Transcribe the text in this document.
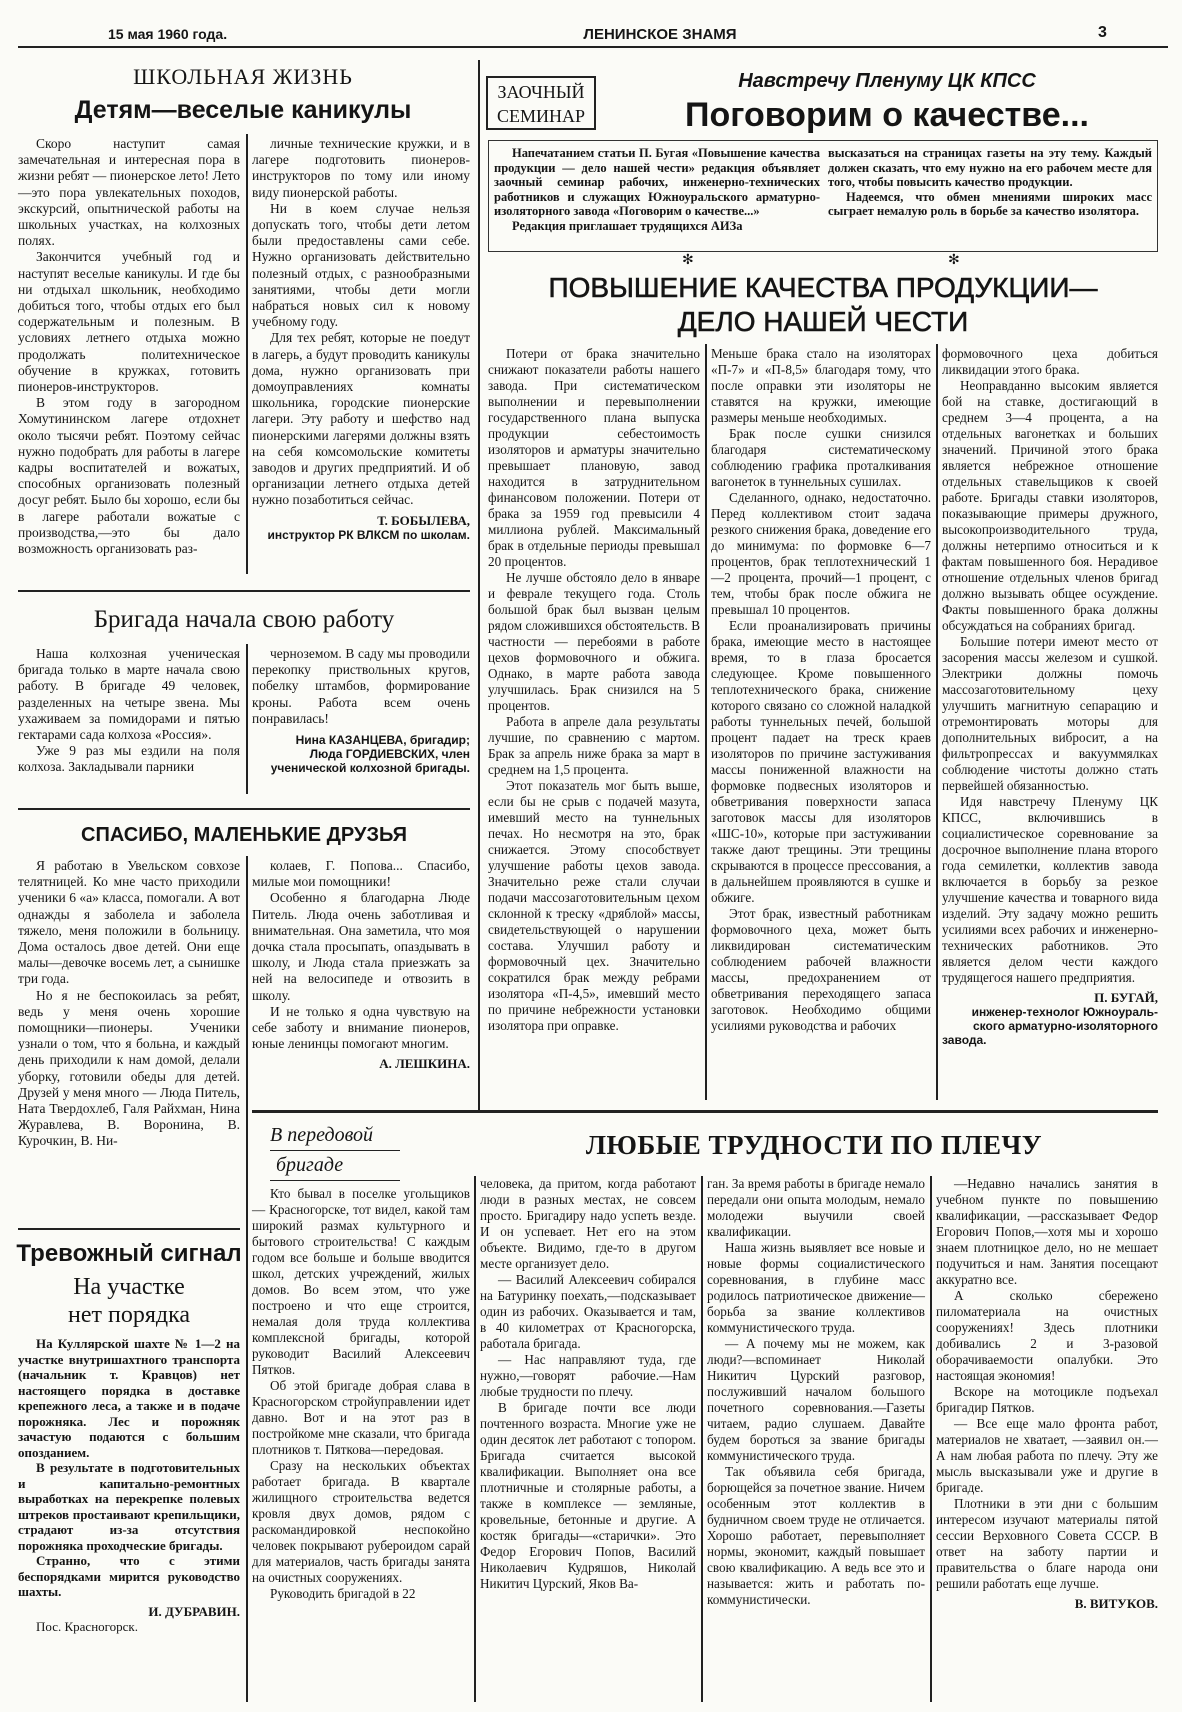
15 мая 1960 года.	ЛЕНИНСКОЕ ЗНАМЯ	3
ШКОЛЬНАЯ ЖИЗНЬ
Детям—веселые каникулы

Скоро наступит самая замечательная и интересная пора в жизни ребят — пионерское лето! Лето—это пора увлекательных походов, экскурсий, опытнической работы на школьных участках, на колхозных полях.

Закончится учебный год и наступят веселые каникулы. И где бы ни отдыхал школьник, необходимо добиться того, чтобы отдых его был содержательным и полезным. В условиях летнего отдыха можно продолжать политехническое обучение в кружках, готовить пионеров-инструкторов.

В этом году в загородном Хомутининском лагере отдохнет около тысячи ребят. Поэтому сейчас нужно подобрать для работы в лагере кадры воспитателей и вожатых, способных организовать полезный досуг ребят. Было бы хорошо, если бы в лагере работали вожатые с производства,—это бы дало возможность организовать раз-

личные технические кружки, и в лагере подготовить пионеров-инструкторов по тому или иному виду пионерской работы.

Ни в коем случае нельзя допускать того, чтобы дети летом были предоставлены сами себе. Нужно организовать действительно полезный отдых, с разнообразными занятиями, чтобы дети могли набраться новых сил к новому учебному году.

Для тех ребят, которые не поедут в лагерь, а будут проводить каникулы дома, нужно организовать при домоуправлениях комнаты школьника, городские пионерские лагери. Эту работу и шефство над пионерскими лагерями должны взять на себя комсомольские комитеты заводов и других предприятий. И об организации летнего отдыха детей нужно позаботиться сейчас.

Т. БОБЫЛЕВА,
инструктор РК ВЛКСМ по школам.
Бригада начала свою работу

Наша колхозная ученическая бригада только в марте начала свою работу. В бригаде 49 человек, разделенных на четыре звена. Мы ухаживаем за помидорами и пятью гектарами сада колхоза «Россия».

Уже 9 раз мы ездили на поля колхоза. Закладывали парники

черноземом. В саду мы проводили перекопку приствольных кругов, побелку штамбов, формирование кроны. Работа всем очень понравилась!

Нина КАЗАНЦЕВА, бригадир;
Люда ГОРДИЕВСКИХ, член
ученической колхозной бригады.
СПАСИБО, МАЛЕНЬКИЕ ДРУЗЬЯ

Я работаю в Увельском совхозе телятницей. Ко мне часто приходили ученики 6 «а» класса, помогали. А вот однажды я заболела и заболела тяжело, меня положили в больницу. Дома осталось двое детей. Они еще малы—девочке восемь лет, а сынишке три года.

Но я не беспокоилась за ребят, ведь у меня очень хорошие помощники—пионеры. Ученики узнали о том, что я больна, и каждый день приходили к нам домой, делали уборку, готовили обеды для детей. Друзей у меня много — Люда Питель, Ната Твердохлеб, Галя Райхман, Нина Журавлева, В. Воронина, В. Курочкин, В. Ни-

колаев, Г. Попова... Спасибо, милые мои помощники!

Особенно я благодарна Люде Питель. Люда очень заботливая и внимательная. Она заметила, что моя дочка стала просыпать, опаздывать в школу, и Люда стала приезжать за ней на велосипеде и отвозить в школу.

И не только я одна чувствую на себе заботу и внимание пионеров, юные ленинцы помогают многим.

А. ЛЕШКИНА.
Тревожный сигнал
На участке
нет порядка

На Куллярской шахте № 1—2 на участке внутришахтного транспорта (начальник т. Кравцов) нет настоящего порядка в доставке крепежного леса, а также и в подаче порожняка. Лес и порожняк зачастую подаются с большим опозданием.

В результате в подготовительных и капитально-ремонтных выработках на перекрепке полевых штреков простаивают крепильщики, страдают из-за отсутствия порожняка проходческие бригады.

Странно, что с этими беспорядками мирится руководство шахты.

И. ДУБРАВИН.
Пос. Красногорск.
ЗАОЧНЫЙ
СЕМИНАР
Навстречу Пленуму ЦК КПСС
Поговорим о качестве...

Напечатанием статьи П. Бугая «Повышение качества продукции — дело нашей чести» редакция объявляет заочный семинар рабочих, инженерно-технических работников и служащих Южноуральского арматурно-изоляторного завода «Поговорим о качестве...»

Редакция приглашает трудящихся АИЗа

высказаться на страницах газеты на эту тему. Каждый должен сказать, что ему нужно на его рабочем месте для того, чтобы повысить качество продукции.

Надеемся, что обмен мнениями широких масс сыграет немалую роль в борьбе за качество изолятора.

✻	✻
ПОВЫШЕНИЕ КАЧЕСТВА ПРОДУКЦИИ—
ДЕЛО НАШЕЙ ЧЕСТИ

Потери от брака значительно снижают показатели работы нашего завода. При систематическом выполнении и перевыполнении государственного плана выпуска продукции себестоимость изоляторов и арматуры значительно превышает плановую, завод находится в затруднительном финансовом положении. Потери от брака за 1959 год превысили 4 миллиона рублей. Максимальный брак в отдельные периоды превышал 20 процентов.

Не лучше обстояло дело в январе и феврале текущего года. Столь большой брак был вызван целым рядом сложившихся обстоятельств. В частности — перебоями в работе цехов формовочного и обжига. Однако, в марте работа завода улучшилась. Брак снизился на 5 процентов.

Работа в апреле дала результаты лучшие, по сравнению с мартом. Брак за апрель ниже брака за март в среднем на 1,5 процента.

Этот показатель мог быть выше, если бы не срыв с подачей мазута, имевший место на туннельных печах. Но несмотря на это, брак снижается. Этому способствует улучшение работы цехов завода. Значительно реже стали случаи подачи массозаготовительным цехом склонной к треску «дряблой» массы, свидетельствующей о нарушении состава. Улучшил работу и формовочный цех. Значительно сократился брак между ребрами изолятора «П-4,5», имевший место по причине небрежности установки изолятора при оправке.

Меньше брака стало на изоляторах «П-7» и «П-8,5» благодаря тому, что после оправки эти изоляторы не ставятся на кружки, имеющие размеры меньше необходимых.

Брак после сушки снизился благодаря систематическому соблюдению графика проталкивания вагонеток в туннельных сушилах.

Сделанного, однако, недостаточно. Перед коллективом стоит задача резкого снижения брака, доведение его до минимума: по формовке 6—7 процентов, брак теплотехнический 1—2 процента, прочий—1 процент, с тем, чтобы брак после обжига не превышал 10 процентов.

Если проанализировать причины брака, имеющие место в настоящее время, то в глаза бросается следующее. Кроме повышенного теплотехнического брака, снижение которого связано со сложной наладкой работы туннельных печей, большой процент падает на треск краев изоляторов по причине застуживания массы пониженной влажности на формовке подвесных изоляторов и обветривания поверхности запаса заготовок массы для изоляторов «ШС-10», которые при застуживании также дают трещины. Эти трещины скрываются в процессе прессования, а в дальнейшем проявляются в сушке и обжиге.

Этот брак, известный работникам формовочного цеха, может быть ликвидирован систематическим соблюдением рабочей влажности массы, предохранением от обветривания переходящего запаса заготовок. Необходимо общими усилиями руководства и рабочих

формовочного цеха добиться ликвидации этого брака.

Неоправданно высоким является бой на ставке, достигающий в среднем 3—4 процента, а на отдельных вагонетках и больших значений. Причиной этого брака является небрежное отношение отдельных ставельщиков к своей работе. Бригады ставки изоляторов, показывающие примеры дружного, высокопроизводительного труда, должны нетерпимо относиться и к фактам повышенного боя. Нерадивое отношение отдельных членов бригад должно вызывать общее осуждение. Факты повышенного брака должны обсуждаться на собраниях бригад.

Большие потери имеют место от засорения массы железом и сушкой. Электрики должны помочь массозаготовительному цеху улучшить магнитную сепарацию и отремонтировать моторы для дополнительных вибросит, а на фильтропрессах и вакууммялках соблюдение чистоты должно стать первейшей обязанностью.

Идя навстречу Пленуму ЦК КПСС, включившись в социалистическое соревнование за досрочное выполнение плана второго года семилетки, коллектив завода включается в борьбу за резкое улучшение качества и товарного вида изделий. Эту задачу можно решить усилиями всех рабочих и инженерно-технических работников. Это является делом чести каждого трудящегося нашего предприятия.

П. БУГАЙ,
инженер-технолог Южноураль-
ского арматурно-изоляторного
завода.
В передовой
бригаде
ЛЮБЫЕ ТРУДНОСТИ ПО ПЛЕЧУ

Кто бывал в поселке угольщиков — Красногорске, тот видел, какой там широкий размах культурного и бытового строительства! С каждым годом все больше и больше вводится школ, детских учреждений, жилых домов. Во всем этом, что уже построено и что еще строится, немалая доля труда коллектива комплексной бригады, которой руководит Василий Алексеевич Пятков.

Об этой бригаде добрая слава в Красногорском стройуправлении идет давно. Вот и на этот раз в постройкоме мне сказали, что бригада плотников т. Пяткова—передовая.

Сразу на нескольких объектах работает бригада. В квартале жилищного строительства ведется кровля двух домов, рядом с раскомандировкой неспокойно человек покрывают рубероидом сарай для материалов, часть бригады занята на очистных сооружениях.

Руководить бригадой в 22

человека, да притом, когда работают люди в разных местах, не совсем просто. Бригадиру надо успеть везде. И он успевает. Нет его на этом объекте. Видимо, где-то в другом месте организует дело.

— Василий Алексеевич собирался на Батуринку поехать,—подсказывает один из рабочих. Оказывается и там, в 40 километрах от Красногорска, работала бригада.

— Нас направляют туда, где нужно,—говорят рабочие.—Нам любые трудности по плечу.

В бригаде почти все люди почтенного возраста. Многие уже не один десяток лет работают с топором. Бригада считается высокой квалификации. Выполняет она все плотничные и столярные работы, а также в комплексе — земляные, кровельные, бетонные и другие. А костяк бригады—«старички». Это Федор Егорович Попов, Василий Николаевич Кудряшов, Николай Никитич Цурский, Яков Ва-

ган. За время работы в бригаде немало передали они опыта молодым, немало молодежи выучили своей квалификации.

Наша жизнь выявляет все новые и новые формы социалистического соревнования, в глубине масс родилось патриотическое движение—борьба за звание коллективов коммунистического труда.

— А почему мы не можем, как люди?—вспоминает Николай Никитич Цурский разговор, послуживший началом большого почетного соревнования.—Газеты читаем, радио слушаем. Давайте будем бороться за звание бригады коммунистического труда.

Так объявила себя бригада, борющейся за почетное звание. Ничем особенным этот коллектив в будничном своем труде не отличается. Хорошо работает, перевыполняет нормы, экономит, каждый повышает свою квалификацию. А ведь все это и называется: жить и работать по-коммунистически.

—Недавно начались занятия в учебном пункте по повышению квалификации, —рассказывает Федор Егорович Попов,—хотя мы и хорошо знаем плотницкое дело, но не мешает подучиться и нам. Занятия посещают аккуратно все.

А сколько сбережено пиломатериала на очистных сооружениях! Здесь плотники добивались 2 и 3-разовой оборачиваемости опалубки. Это настоящая экономия!

Вскоре на мотоцикле подъехал бригадир Пятков.

— Все еще мало фронта работ, материалов не хватает, —заявил он.— А нам любая работа по плечу. Эту же мысль высказывали уже и другие в бригаде.

Плотники в эти дни с большим интересом изучают материалы пятой сессии Верховного Совета СССР. В ответ на заботу партии и правительства о благе народа они решили работать еще лучше.

В. ВИТУКОВ.
